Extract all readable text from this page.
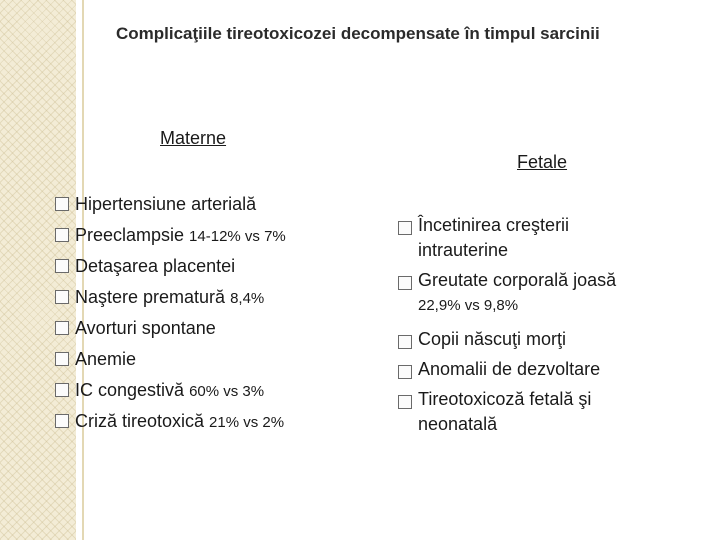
Complicaţiile tireotoxicozei decompensate în timpul sarcinii
Materne
Fetale
Hipertensiune arterială
Preeclampsie 14-12% vs 7%
Detaşarea placentei
Naştere prematură 8,4%
Avorturi spontane
Anemie
IC congestivă 60% vs 3%
Criză tireotoxică 21% vs 2%
Încetinirea creşterii
intrauterine
Greutate corporală joasă
22,9% vs 9,8%
Copii născuţi morţi
Anomalii de dezvoltare
Tireotoxicoză fetală şi
neonatală
